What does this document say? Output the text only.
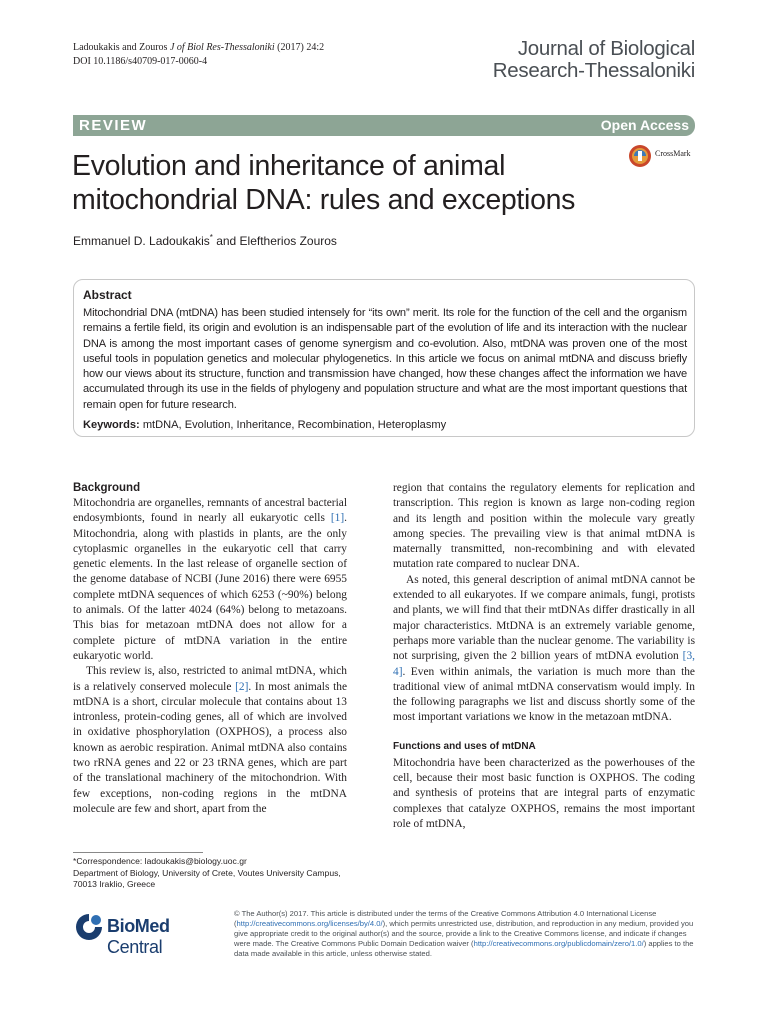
Ladoukakis and Zouros J of Biol Res-Thessaloniki (2017) 24:2
DOI 10.1186/s40709-017-0060-4
Journal of Biological
Research-Thessaloniki
REVIEW	Open Access
Evolution and inheritance of animal
mitochondrial DNA: rules and exceptions
CrossMark
Emmanuel D. Ladoukakis* and Eleftherios Zouros
Abstract
Mitochondrial DNA (mtDNA) has been studied intensely for “its own” merit. Its role for the function of the cell and the organism remains a fertile field, its origin and evolution is an indispensable part of the evolution of life and its interaction with the nuclear DNA is among the most important cases of genome synergism and co-evolution. Also, mtDNA was proven one of the most useful tools in population genetics and molecular phylogenetics. In this article we focus on animal mtDNA and discuss briefly how our views about its structure, function and transmission have changed, how these changes affect the information we have accumulated through its use in the fields of phylogeny and population structure and what are the most important questions that remain open for future research.
Keywords: mtDNA, Evolution, Inheritance, Recombination, Heteroplasmy
Background

Mitochondria are organelles, remnants of ancestral bacterial endosymbionts, found in nearly all eukaryotic cells [1]. Mitochondria, along with plastids in plants, are the only cytoplasmic organelles in the eukaryotic cell that carry genetic elements. In the last release of organelle section of the genome database of NCBI (June 2016) there were 6955 complete mtDNA sequences of which 6253 (~90%) belong to animals. Of the latter 4024 (64%) belong to metazoans. This bias for metazoan mtDNA does not allow for a complete picture of mtDNA variation in the entire eukaryotic world.

This review is, also, restricted to animal mtDNA, which is a relatively conserved molecule [2]. In most animals the mtDNA is a short, circular molecule that contains about 13 intronless, protein-coding genes, all of which are involved in oxidative phosphorylation (OXPHOS), a process also known as aerobic respiration. Animal mtDNA also contains two rRNA genes and 22 or 23 tRNA genes, which are part of the translational machinery of the mitochondrion. With few exceptions, non-coding regions in the mtDNA molecule are few and short, apart from the

region that contains the regulatory elements for replication and transcription. This region is known as large non-coding region and its length and position within the molecule vary greatly among species. The prevailing view is that animal mtDNA is maternally transmitted, non-recombining and with elevated mutation rate compared to nuclear DNA.

As noted, this general description of animal mtDNA cannot be extended to all eukaryotes. If we compare animals, fungi, protists and plants, we will find that their mtDNAs differ drastically in all major characteristics. MtDNA is an extremely variable genome, perhaps more variable than the nuclear genome. The variability is not surprising, given the 2 billion years of mtDNA evolution [3, 4]. Even within animals, the variation is much more than the traditional view of animal mtDNA conservatism would imply. In the following paragraphs we list and discuss shortly some of the most important variations we know in the metazoan mtDNA.

Functions and uses of mtDNA

Mitochondria have been characterized as the powerhouses of the cell, because their most basic function is OXPHOS. The coding and synthesis of proteins that are integral parts of enzymatic complexes that catalyze OXPHOS, remains the most important role of mtDNA,

*Correspondence: ladoukakis@biology.uoc.gr
Department of Biology, University of Crete, Voutes University Campus, 70013 Iraklio, Greece
BioMed Central
© The Author(s) 2017. This article is distributed under the terms of the Creative Commons Attribution 4.0 International License (http://creativecommons.org/licenses/by/4.0/), which permits unrestricted use, distribution, and reproduction in any medium, provided you give appropriate credit to the original author(s) and the source, provide a link to the Creative Commons license, and indicate if changes were made. The Creative Commons Public Domain Dedication waiver (http://creativecommons.org/publicdomain/zero/1.0/) applies to the data made available in this article, unless otherwise stated.
